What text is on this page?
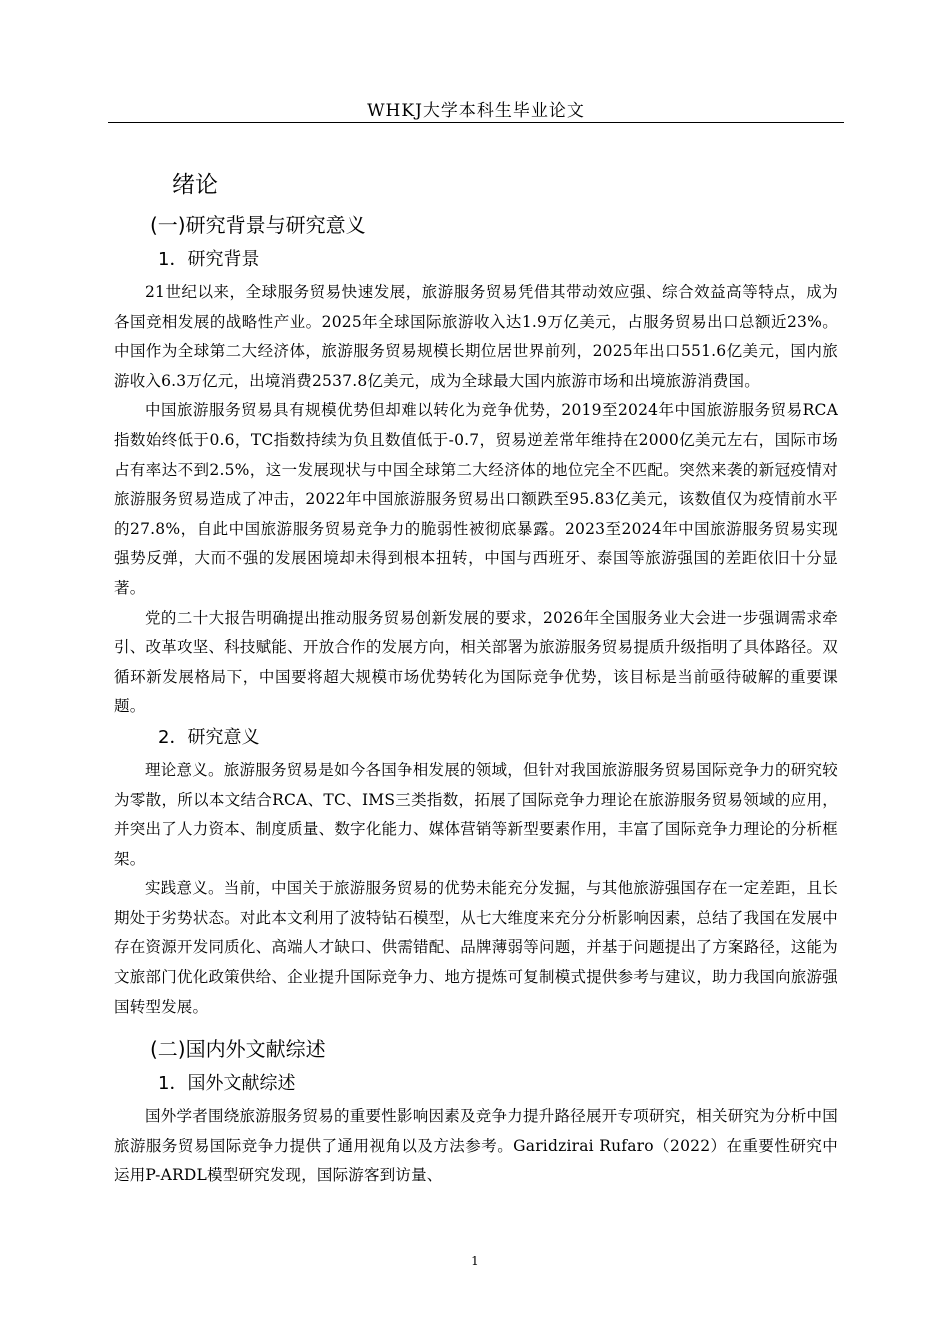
WHKJ大学本科生毕业论文
绪论
(一)研究背景与研究意义
1．研究背景

21世纪以来，全球服务贸易快速发展，旅游服务贸易凭借其带动效应强、综合效益高等特点，成为各国竞相发展的战略性产业。2025年全球国际旅游收入达1.9万亿美元，占服务贸易出口总额近23%。中国作为全球第二大经济体，旅游服务贸易规模长期位居世界前列，2025年出口551.6亿美元，国内旅游收入6.3万亿元，出境消费2537.8亿美元，成为全球最大国内旅游市场和出境旅游消费国。

中国旅游服务贸易具有规模优势但却难以转化为竞争优势，2019至2024年中国旅游服务贸易RCA指数始终低于0.6，TC指数持续为负且数值低于-0.7，贸易逆差常年维持在2000亿美元左右，国际市场占有率达不到2.5%，这一发展现状与中国全球第二大经济体的地位完全不匹配。突然来袭的新冠疫情对旅游服务贸易造成了冲击，2022年中国旅游服务贸易出口额跌至95.83亿美元，该数值仅为疫情前水平的27.8%，自此中国旅游服务贸易竞争力的脆弱性被彻底暴露。2023至2024年中国旅游服务贸易实现强势反弹，大而不强的发展困境却未得到根本扭转，中国与西班牙、泰国等旅游强国的差距依旧十分显著。

党的二十大报告明确提出推动服务贸易创新发展的要求，2026年全国服务业大会进一步强调需求牵引、改革攻坚、科技赋能、开放合作的发展方向，相关部署为旅游服务贸易提质升级指明了具体路径。双循环新发展格局下，中国要将超大规模市场优势转化为国际竞争优势，该目标是当前亟待破解的重要课题。

2．研究意义

理论意义。旅游服务贸易是如今各国争相发展的领域，但针对我国旅游服务贸易国际竞争力的研究较为零散，所以本文结合RCA、TC、IMS三类指数，拓展了国际竞争力理论在旅游服务贸易领域的应用，并突出了人力资本、制度质量、数字化能力、媒体营销等新型要素作用，丰富了国际竞争力理论的分析框架。

实践意义。当前，中国关于旅游服务贸易的优势未能充分发掘，与其他旅游强国存在一定差距，且长期处于劣势状态。对此本文利用了波特钻石模型，从七大维度来充分分析影响因素，总结了我国在发展中存在资源开发同质化、高端人才缺口、供需错配、品牌薄弱等问题，并基于问题提出了方案路径，这能为文旅部门优化政策供给、企业提升国际竞争力、地方提炼可复制模式提供参考与建议，助力我国向旅游强国转型发展。

(二)国内外文献综述
1．国外文献综述

国外学者围绕旅游服务贸易的重要性影响因素及竞争力提升路径展开专项研究，相关研究为分析中国旅游服务贸易国际竞争力提供了通用视角以及方法参考。Garidzirai Rufaro（2022）在重要性研究中运用P-ARDL模型研究发现，国际游客到访量、

1
